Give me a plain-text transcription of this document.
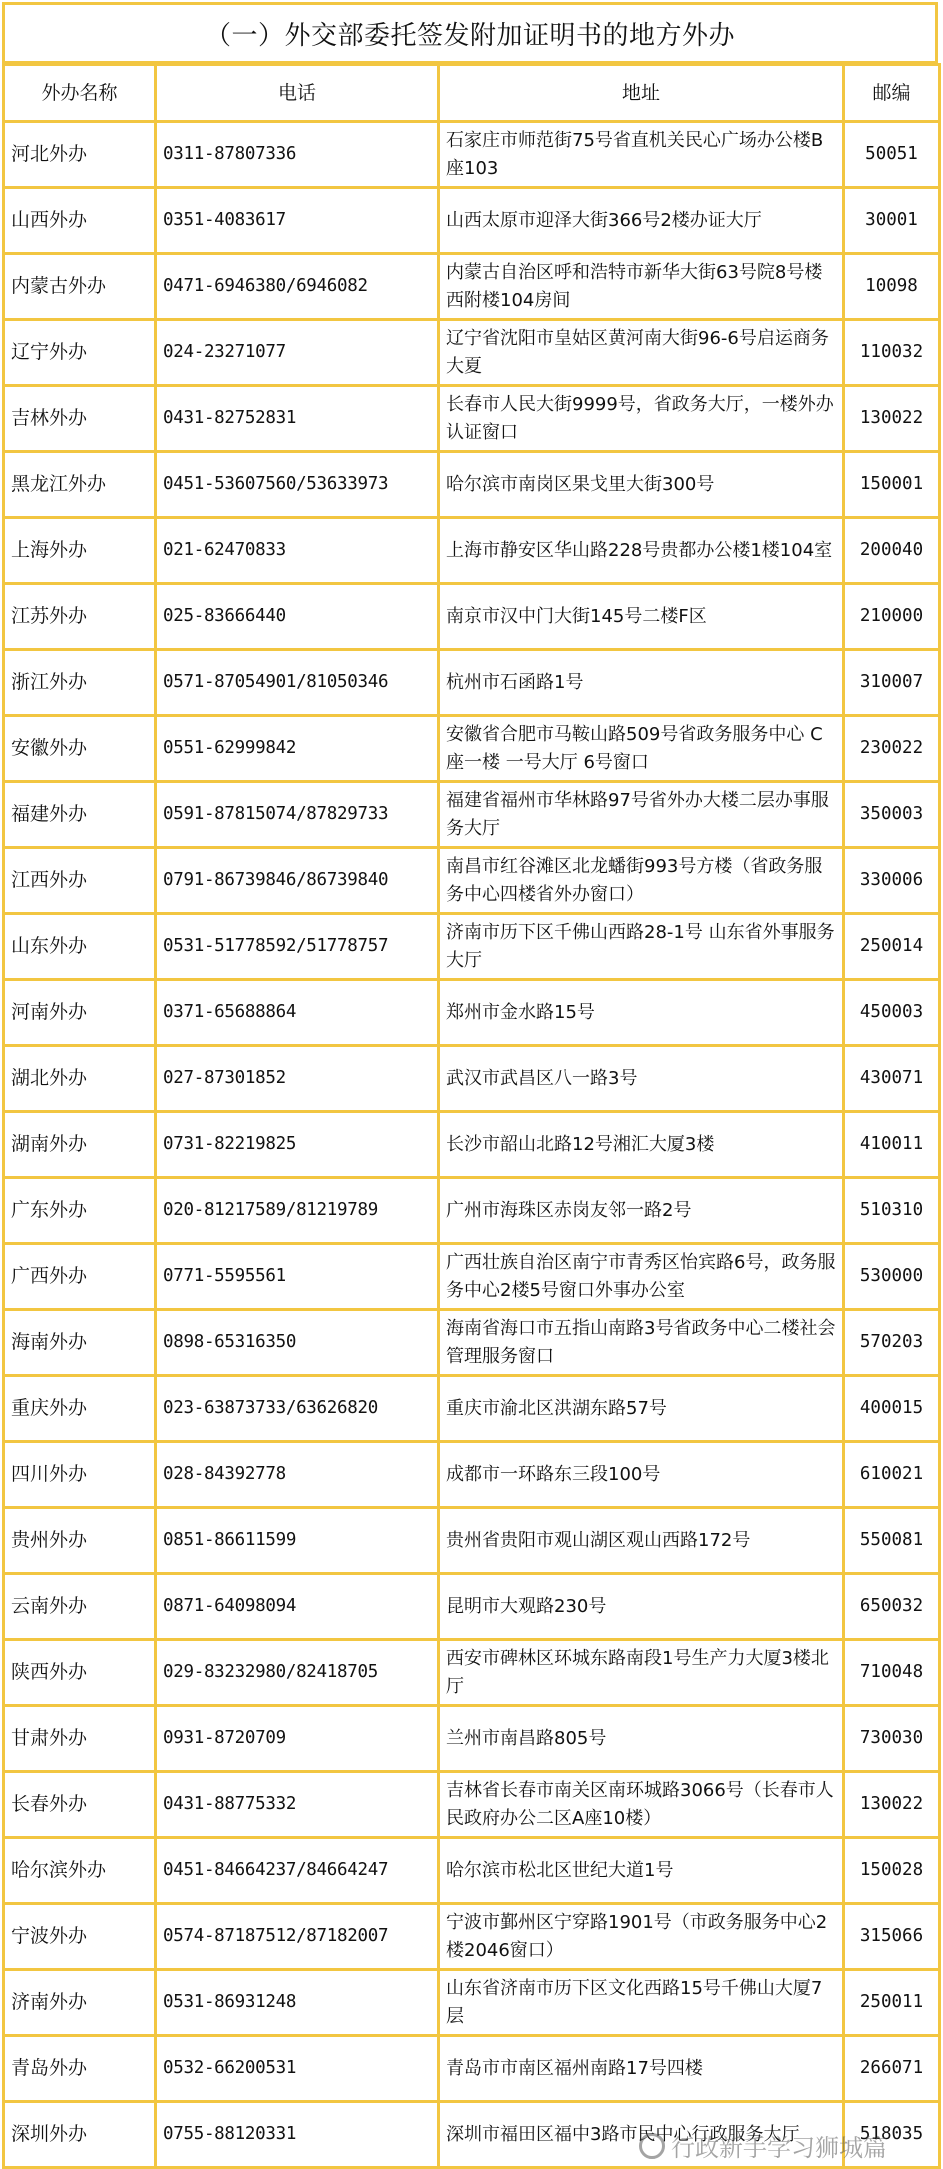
（一）外交部委托签发附加证明书的地方外办
外办名称	电话	地址	邮编
河北外办	0311-87807336	石家庄市师范街75号省直机关民心广场办公楼B座103	50051
山西外办	0351-4083617	山西太原市迎泽大街366号2楼办证大厅	30001
内蒙古外办	0471-6946380/6946082	内蒙古自治区呼和浩特市新华大街63号院8号楼西附楼104房间	10098
辽宁外办	024-23271077	辽宁省沈阳市皇姑区黄河南大街96-6号启运商务大夏	110032
吉林外办	0431-82752831	长春市人民大街9999号，省政务大厅，一楼外办认证窗口	130022
黑龙江外办	0451-53607560/53633973	哈尔滨市南岗区果戈里大街300号	150001
上海外办	021-62470833	上海市静安区华山路228号贵都办公楼1楼104室	200040
江苏外办	025-83666440	南京市汉中门大街145号二楼F区	210000
浙江外办	0571-87054901/81050346	杭州市石函路1号	310007
安徽外办	0551-62999842	安徽省合肥市马鞍山路509号省政务服务中心 C座一楼 一号大厅 6号窗口	230022
福建外办	0591-87815074/87829733	福建省福州市华林路97号省外办大楼二层办事服务大厅	350003
江西外办	0791-86739846/86739840	南昌市红谷滩区北龙蟠街993号方楼（省政务服务中心四楼省外办窗口）	330006
山东外办	0531-51778592/51778757	济南市历下区千佛山西路28-1号 山东省外事服务大厅	250014
河南外办	0371-65688864	郑州市金水路15号	450003
湖北外办	027-87301852	武汉市武昌区八一路3号	430071
湖南外办	0731-82219825	长沙市韶山北路12号湘汇大厦3楼	410011
广东外办	020-81217589/81219789	广州市海珠区赤岗友邻一路2号	510310
广西外办	0771-5595561	广西壮族自治区南宁市青秀区怡宾路6号，政务服务中心2楼5号窗口外事办公室	530000
海南外办	0898-65316350	海南省海口市五指山南路3号省政务中心二楼社会管理服务窗口	570203
重庆外办	023-63873733/63626820	重庆市渝北区洪湖东路57号	400015
四川外办	028-84392778	成都市一环路东三段100号	610021
贵州外办	0851-86611599	贵州省贵阳市观山湖区观山西路172号	550081
云南外办	0871-64098094	昆明市大观路230号	650032
陕西外办	029-83232980/82418705	西安市碑林区环城东路南段1号生产力大厦3楼北厅	710048
甘肃外办	0931-8720709	兰州市南昌路805号	730030
长春外办	0431-88775332	吉林省长春市南关区南环城路3066号（长春市人民政府办公二区A座10楼）	130022
哈尔滨外办	0451-84664237/84664247	哈尔滨市松北区世纪大道1号	150028
宁波外办	0574-87187512/87182007	宁波市鄞州区宁穿路1901号（市政务服务中心2楼2046窗口）	315066
济南外办	0531-86931248	山东省济南市历下区文化西路15号千佛山大厦7层	250011
青岛外办	0532-66200531	青岛市市南区福州南路17号四楼	266071
深圳外办	0755-88120331	深圳市福田区福中3路市民中心行政服务大厅	518035
行政新手学习狮城篇
